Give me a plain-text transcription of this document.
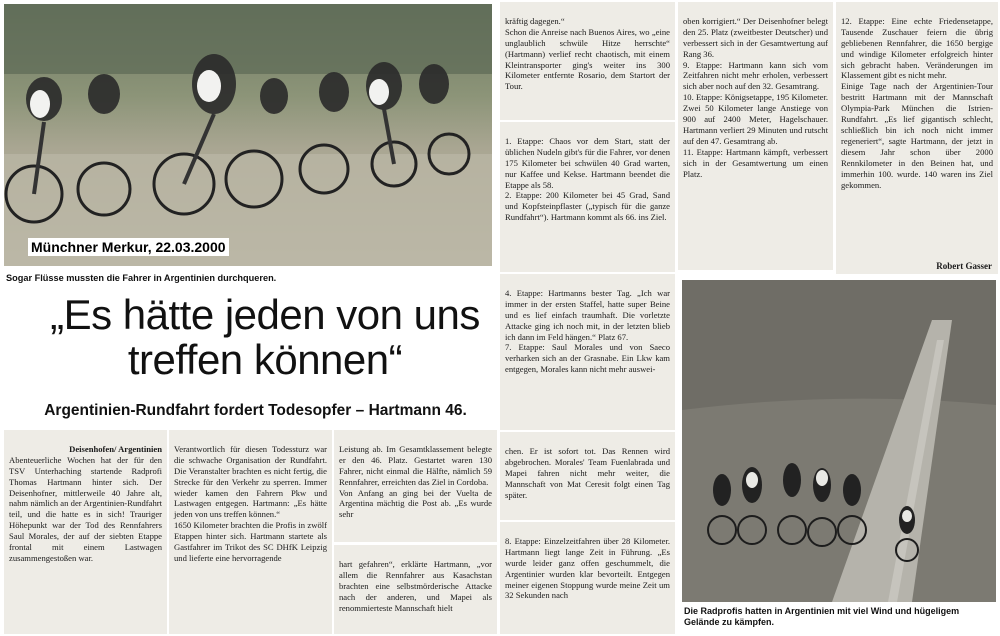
Münchner Merkur, 22.03.2000
Sogar Flüsse mussten die Fahrer in Argentinien durchqueren.
„Es hätte jeden von uns treffen können“
Argentinien-Rundfahrt fordert Todesopfer – Hartmann 46.

Deisenhofen/ Argentinien
Abenteuerliche Wochen hat der für den TSV Unterhaching startende Radprofi Thomas Hartmann hinter sich. Der Deisenhofner, mittlerweile 40 Jahre alt, nahm nämlich an der Argentinien-Rundfahrt teil, und die hatte es in sich! Trauriger Höhepunkt war der Tod des Rennfahrers Saul Morales, der auf der siebten Etappe frontal mit einem Lastwagen zusammengestoßen war.

Verantwortlich für diesen Todessturz war die schwache Organisation der Rundfahrt. Die Veranstalter brachten es nicht fertig, die Strecke für den Verkehr zu sperren. Immer wieder kamen den Fahrern Pkw und Lastwagen entgegen. Hartmann: „Es hätte jeden von uns treffen können.“
1650 Kilometer brachten die Profis in zwölf Etappen hinter sich. Hartmann startete als Gastfahrer im Trikot des SC DHfK Leipzig und lieferte eine hervorragende

Leistung ab. Im Gesamtklassement belegte er den 46. Platz. Gestartet waren 130 Fahrer, nicht einmal die Hälfte, nämlich 59 Rennfahrer, erreichten das Ziel in Cordoba.
Von Anfang an ging bei der Vuelta de Argentina mächtig die Post ab. „Es wurde sehr

hart gefahren“, erklärte Hartmann, „vor allem die Rennfahrer aus Kasachstan brachten eine selbstmörderische Attacke nach der anderen, und Mapei als renommierteste Mannschaft hielt

kräftig dagegen.“
Schon die Anreise nach Buenos Aires, wo „eine unglaublich schwüle Hitze herrschte“ (Hartmann) verlief recht chaotisch, mit einem Kleintransporter ging's weiter ins 300 Kilometer entfernte Rosario, dem Startort der Tour.

1. Etappe: Chaos vor dem Start, statt der üblichen Nudeln gibt's für die Fahrer, vor denen 175 Kilometer bei schwülen 40 Grad warten, nur Kaffee und Kekse. Hartmann beendet die Etappe als 58.
2. Etappe: 200 Kilometer bei 45 Grad, Sand und Kopfsteinpflaster („typisch für die ganze Rundfahrt“). Hartmann kommt als 66. ins Ziel.

4. Etappe: Hartmanns bester Tag. „Ich war immer in der ersten Staffel, hatte super Beine und es lief einfach traumhaft. Die vorletzte Attacke ging ich noch mit, in der letzten blieb ich dann im Feld hängen.“ Platz 67.
7. Etappe: Saul Morales und von Saeco verharken sich an der Grasnabe. Ein Lkw kam entgegen, Morales kann nicht mehr auswei-

chen. Er ist sofort tot. Das Rennen wird abgebrochen. Morales' Team Fuenlabrada und Mapei fahren nicht mehr weiter, die Mannschaft von Mat Ceresit folgt einen Tag später.

8. Etappe: Einzelzeitfahren über 28 Kilometer. Hartmann liegt lange Zeit in Führung. „Es wurde leider ganz offen geschummelt, die Argentinier wurden klar bevorteilt. Entgegen meiner eigenen Stoppung wurde meine Zeit um 32 Sekunden nach

oben korrigiert.“ Der Deisenhofner belegt den 25. Platz (zweitbester Deutscher) und verbessert sich in der Gesamtwertung auf Rang 36.
9. Etappe: Hartmann kann sich vom Zeitfahren nicht mehr erholen, verbessert sich aber noch auf den 32. Gesamtrang.
10. Etappe: Königsetappe, 195 Kilometer. Zwei 50 Kilometer lange Anstiege von 900 auf 2400 Meter, Hagelschauer. Hartmann verliert 29 Minuten und rutscht auf den 47. Gesamtrang ab.
11. Etappe: Hartmann kämpft, verbessert sich in der Gesamtwertung um einen Platz.

12. Etappe: Eine echte Friedensetappe, Tausende Zuschauer feiern die übrig gebliebenen Rennfahrer, die 1650 bergige und windige Kilometer erfolgreich hinter sich gebracht haben. Veränderungen im Klassement gibt es nicht mehr.
Einige Tage nach der Argentinien-Tour bestritt Hartmann mit der Mannschaft Olympia-Park München die Istrien-Rundfahrt. „Es lief gigantisch schlecht, schließlich bin ich noch nicht immer regeneriert“, sagte Hartmann, der jetzt in diesem Jahr schon über 2000 Rennkilometer in den Beinen hat, und immerhin 100. wurde. 140 waren ins Ziel gekommen.

Robert Gasser

Die Radprofis hatten in Argentinien mit viel Wind und hügeligem Gelände zu kämpfen.
